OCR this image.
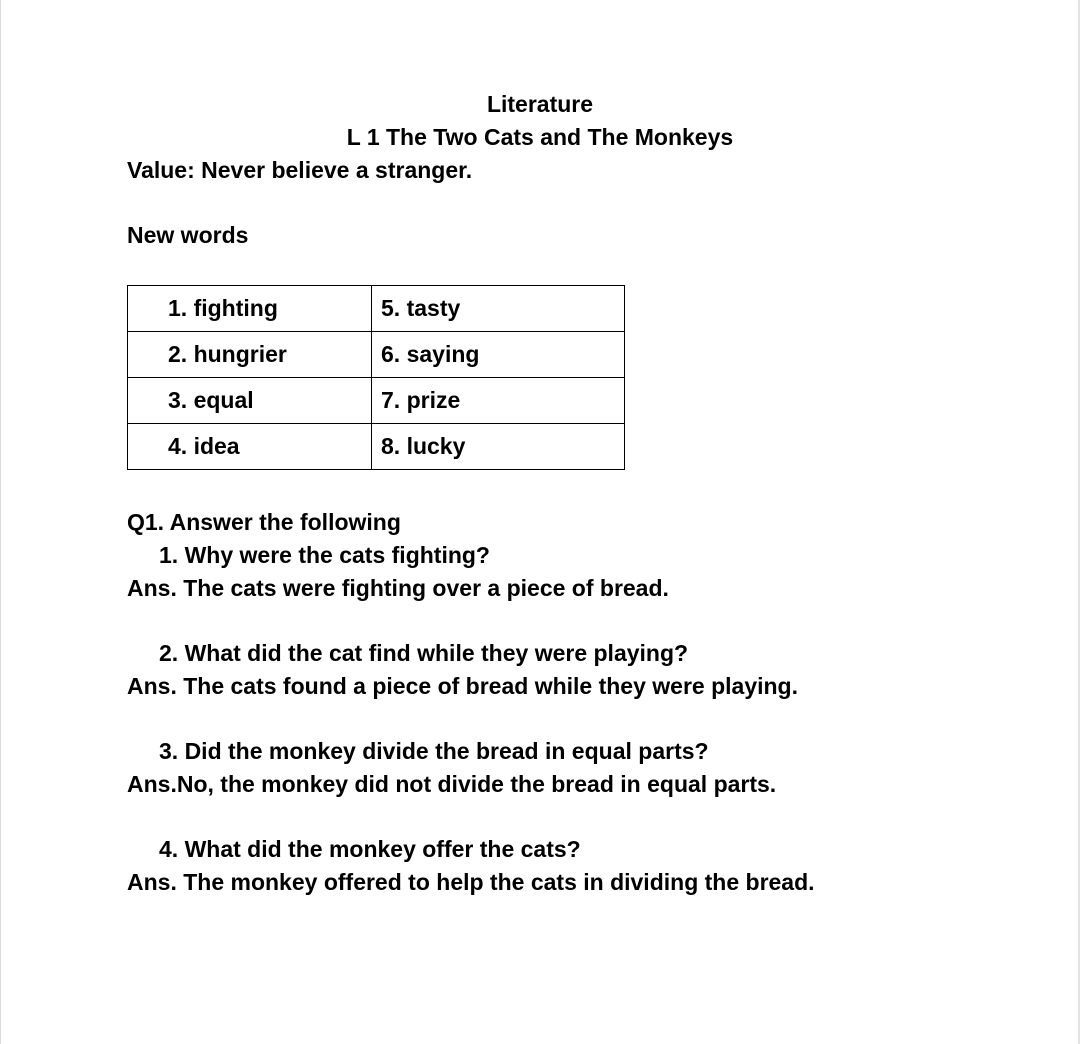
Literature
L 1 The Two Cats and The Monkeys
Value: Never believe a stranger.
New words
1. fighting	5. tasty
2. hungrier	6. saying
3. equal	7. prize
4. idea	8. lucky
Q1. Answer the following
1. Why were the cats fighting?
Ans. The cats were fighting over a piece of bread.
2. What did the cat find while they were playing?
Ans. The cats found a piece of bread while they were playing.
3. Did the monkey divide the bread in equal parts?
Ans.No, the monkey did not divide the bread in equal parts.
4. What did the monkey offer the cats?
Ans. The monkey offered to help the cats in dividing the bread.
